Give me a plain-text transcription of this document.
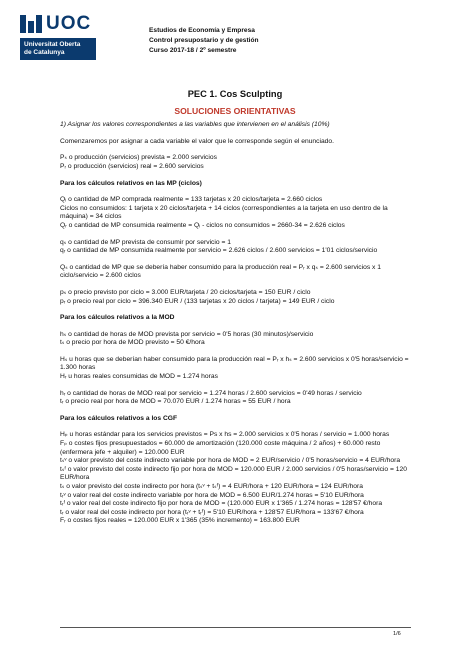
UOC
Universitat Oberta
de Catalunya
Estudios de Economía y Empresa
Control presupostario y de gestión
Curso 2017-18 / 2º semestre
PEC 1. Cos Sculpting
SOLUCIONES ORIENTATIVAS
1) Asignar los valores correspondientes a las variables que intervienen en el análisis (10%)
Comenzaremos por asignar a cada variable el valor que le corresponde según el enunciado.
Pₛ o producción (servicios) prevista = 2.000 servicios
Pᵣ o producción (servicios) real = 2.600 servicios
Para los cálculos relativos en las MP (ciclos)
Qᵢ o cantidad de MP comprada realmente = 133 tarjetas x 20 ciclos/tarjeta = 2.660 ciclos
Ciclos no consumidos: 1 tarjeta x 20 ciclos/tarjeta + 14 ciclos (correspondientes a la tarjeta en uso dentro de la máquina) = 34 ciclos
Qᵣ o cantidad de MP consumida realmente = Qᵢ - ciclos no consumidos = 2660-34 = 2.626 ciclos
qₛ o cantidad de MP prevista de consumir por servicio = 1
qᵣ o cantidad de MP consumida realmente por servicio = 2.626 ciclos / 2.600 servicios = 1'01 ciclos/servicio
Qₛ o cantidad de MP que se debería haber consumido para la producción real = Pᵣ x qₛ = 2.600 servicios x 1 ciclo/servicio = 2.600 ciclos
pₛ o precio previsto por ciclo = 3.000 EUR/tarjeta / 20 ciclos/tarjeta = 150 EUR / ciclo
pᵣ o precio real por ciclo = 396.340 EUR / (133 tarjetas x 20 ciclos / tarjeta) = 149 EUR / ciclo
Para los cálculos relativos a la MOD
hₛ o cantidad de horas de MOD prevista por servicio = 0'5 horas (30 minutos)/servicio
tₛ o precio por hora de MOD previsto = 50 €/hora
Hₛ u horas que se deberían haber consumido para la producción real = Pᵣ x hₛ = 2.600 servicios x 0'5 horas/servicio = 1.300 horas
Hᵣ u horas reales consumidas de MOD = 1.274 horas
hᵣ o cantidad de horas de MOD real por servicio = 1.274 horas / 2.600 servicios = 0'49 horas / servicio
tᵣ o precio real por hora de MOD = 70.070 EUR / 1.274 horas = 55 EUR / hora
Para los cálculos relativos a los CGF
Hₚ u horas estándar para los servicios previstos = Ps x hs = 2.000 servicios x 0'5 horas / servicio = 1.000 horas
Fₚ o costes fijos presupuestados = 60.000 de amortización (120.000 coste máquina / 2 años) + 60.000 resto (enfermera jefe + alquiler) = 120.000 EUR
tₛᵛ o valor previsto del coste indirecto variable por hora de MOD = 2 EUR/servicio / 0'5 horas/servicio = 4 EUR/hora
tₛᶠ o valor previsto del coste indirecto fijo por hora de MOD = 120.000 EUR / 2.000 servicios / 0'5 horas/servicio = 120 EUR/hora
tₛ o valor previsto del coste indirecto por hora (tₛᵛ + tₛᶠ) = 4 EUR/hora + 120 EUR/hora = 124 EUR/hora
tᵣᵛ o valor real del coste indirecto variable por hora de MOD = 6.500 EUR/1.274 horas = 5'10 EUR/hora
tᵣᶠ o valor real del coste indirecto fijo por hora de MOD = (120.000 EUR x 1'365 / 1.274 horas = 128'57 €/hora
tᵣ o valor real del coste indirecto por hora (tᵣᵛ + tᵣᶠ) = 5'10 EUR/hora + 128'57 EUR/hora = 133'67 €/hora
Fᵣ o costes fijos reales = 120.000 EUR x 1'365 (35% incremento) = 163.800 EUR
1/6
